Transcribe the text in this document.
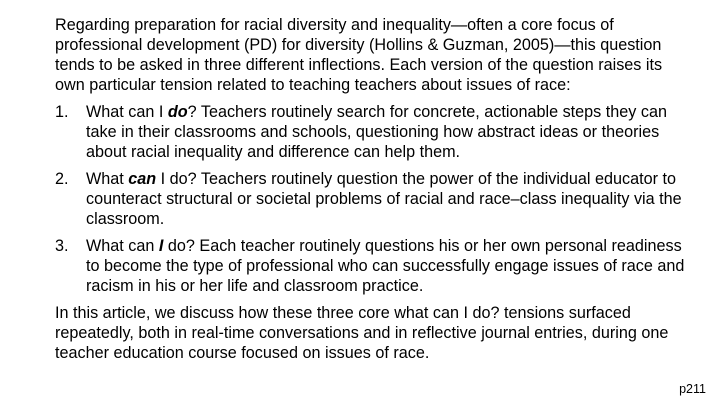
Regarding preparation for racial diversity and inequality—often a core focus of professional development (PD) for diversity (Hollins & Guzman, 2005)—this question tends to be asked in three different inflections. Each version of the question raises its own particular tension related to teaching teachers about issues of race:

1.	What can I do? Teachers routinely search for concrete, actionable steps they can take in their classrooms and schools, questioning how abstract ideas or theories about racial inequality and difference can help them.
2.	What can I do? Teachers routinely question the power of the individual educator to counteract structural or societal problems of racial and race–class inequality via the classroom.
3.	What can I do? Each teacher routinely questions his or her own personal readiness to become the type of professional who can successfully engage issues of race and racism in his or her life and classroom practice.

In this article, we discuss how these three core what can I do? tensions surfaced repeatedly, both in real-time conversations and in reflective journal entries, during one teacher education course focused on issues of race.

p211
